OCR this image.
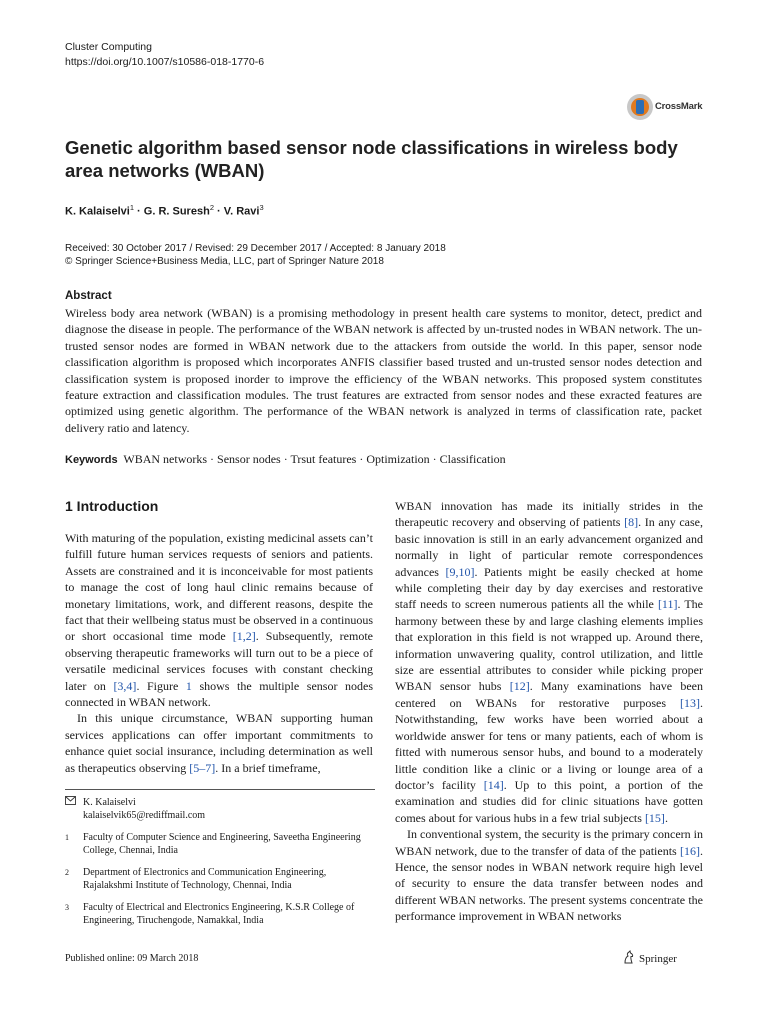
Cluster Computing
https://doi.org/10.1007/s10586-018-1770-6
CrossMark
Genetic algorithm based sensor node classifications in wireless body area networks (WBAN)
K. Kalaiselvi$^1$ · G. R. Suresh$^2$ · V. Ravi$^3$
Received: 30 October 2017 / Revised: 29 December 2017 / Accepted: 8 January 2018
© Springer Science+Business Media, LLC, part of Springer Nature 2018
Abstract
Wireless body area network (WBAN) is a promising methodology in present health care systems to monitor, detect, predict and diagnose the disease in people. The performance of the WBAN network is affected by un-trusted nodes in WBAN network. The un-trusted sensor nodes are formed in WBAN network due to the attackers from outside the world. In this paper, sensor node classification algorithm is proposed which incorporates ANFIS classifier based trusted and un-trusted sensor nodes detection and classification system is proposed inorder to improve the efficiency of the WBAN networks. This proposed system constitutes feature extraction and classification modules. The trust features are extracted from sensor nodes and these exracted features are optimized using genetic algorithm. The performance of the WBAN network is analyzed in terms of classification rate, packet delivery ratio and latency.
Keywords WBAN networks · Sensor nodes · Trsut features · Optimization · Classification
1 Introduction

With maturing of the population, existing medicinal assets can’t fulfill future human services requests of seniors and patients. Assets are constrained and it is inconceivable for most patients to manage the cost of long haul clinic remains because of monetary limitations, work, and different reasons, despite the fact that their wellbeing status must be observed in a continuous or short occasional time mode [1,2]. Subsequently, remote observing therapeutic frameworks will turn out to be a piece of versatile medicinal services focuses with constant checking later on [3,4]. Figure 1 shows the multiple sensor nodes connected in WBAN network.

In this unique circumstance, WBAN supporting human services applications can offer important commitments to enhance quiet social insurance, including determination as well as therapeutics observing [5–7]. In a brief timeframe,

WBAN innovation has made its initially strides in the therapeutic recovery and observing of patients [8]. In any case, basic innovation is still in an early advancement organized and normally in light of particular remote correspondences advances [9,10]. Patients might be easily checked at home while completing their day by day exercises and restorative staff needs to screen numerous patients all the while [11]. The harmony between these by and large clashing elements implies that exploration in this field is not wrapped up. Around there, information unwavering quality, control utilization, and little size are essential attributes to consider while picking proper WBAN sensor hubs [12]. Many examinations have been centered on WBANs for restorative purposes [13]. Notwithstanding, few works have been worried about a worldwide answer for tens or many patients, each of whom is fitted with numerous sensor hubs, and bound to a moderately little condition like a clinic or a living or lounge area of a doctor’s facility [14]. Up to this point, a portion of the examination and studies did for clinic situations have gotten comes about for various hubs in a few trial subjects [15].

In conventional system, the security is the primary concern in WBAN network, due to the transfer of data of the patients [16]. Hence, the sensor nodes in WBAN network require high level of security to ensure the data transfer between nodes and different WBAN networks. The present systems concentrate the performance improvement in WBAN networks

K. Kalaiselvi
kalaiselvik65@rediffmail.com
1 Faculty of Computer Science and Engineering, Saveetha Engineering College, Chennai, India
2 Department of Electronics and Communication Engineering, Rajalakshmi Institute of Technology, Chennai, India
3 Faculty of Electrical and Electronics Engineering, K.S.R College of Engineering, Tiruchengode, Namakkal, India
Published online: 09 March 2018	Springer
